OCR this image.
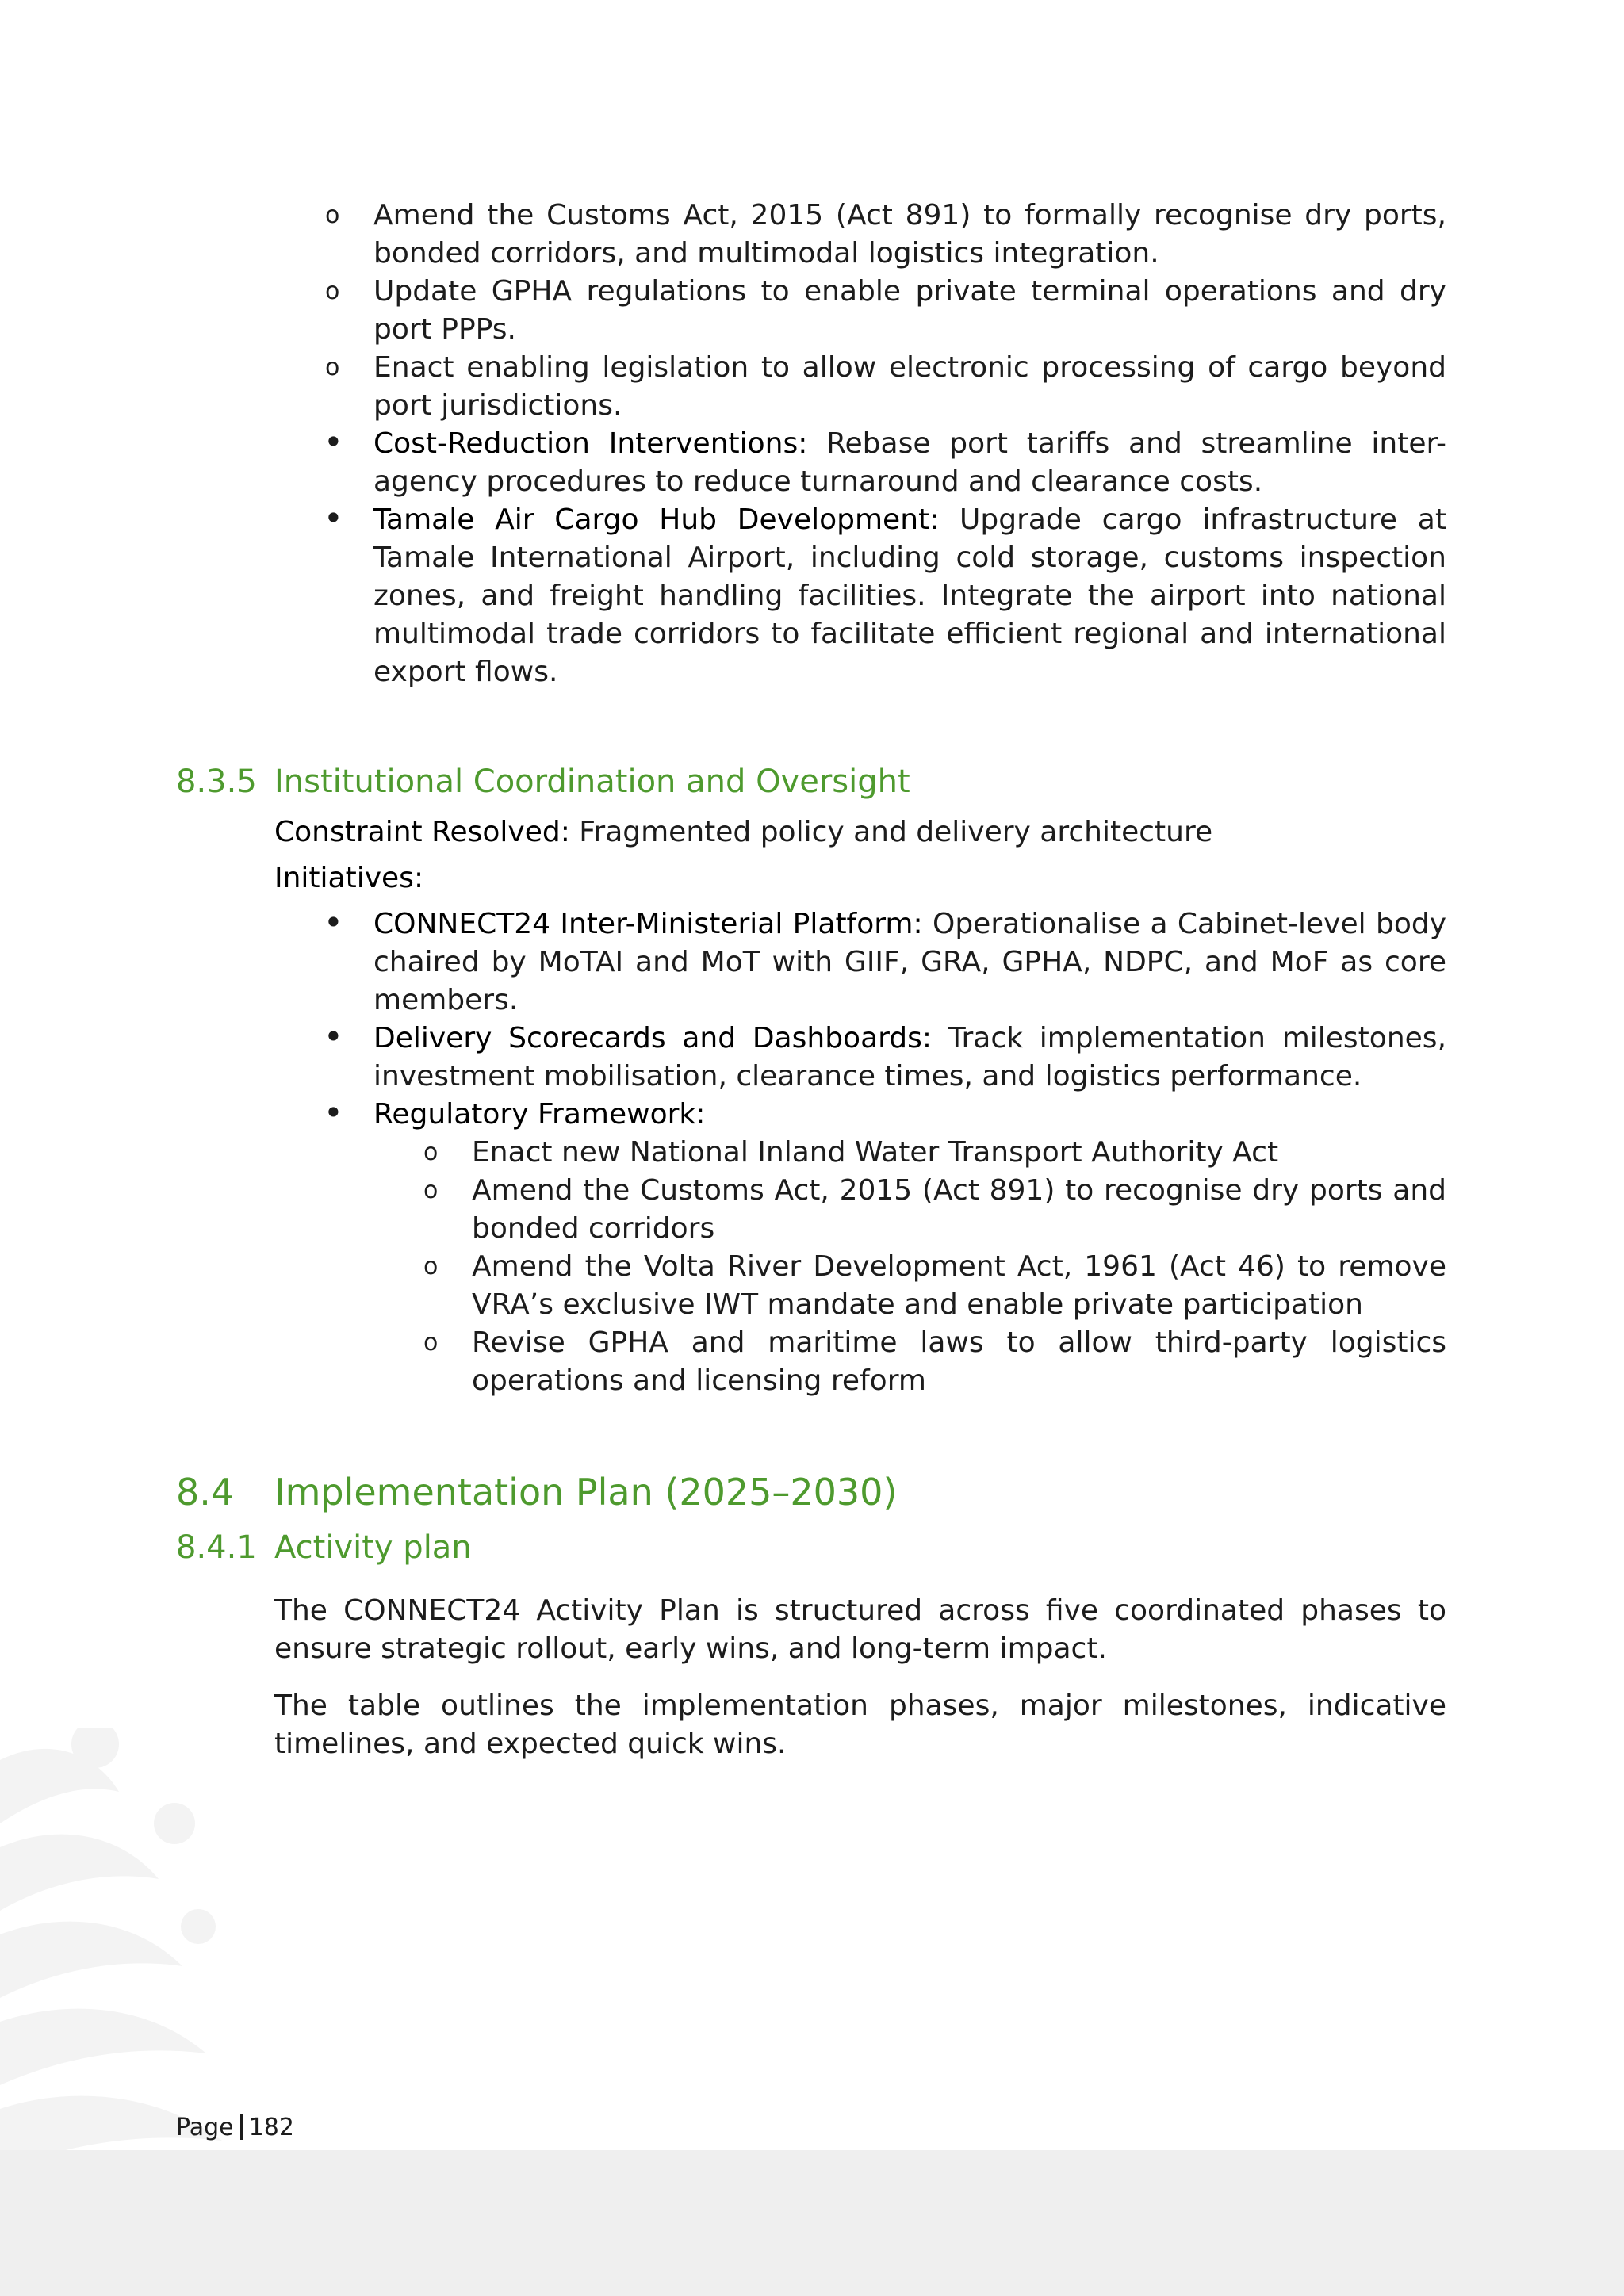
o Amend the Customs Act, 2015 (Act 891) to formally recognise dry ports, bonded corridors, and multimodal logistics integration.
o Update GPHA regulations to enable private terminal operations and dry port PPPs.
o Enact enabling legislation to allow electronic processing of cargo beyond port jurisdictions.
• Cost-Reduction Interventions: Rebase port tariffs and streamline inter-agency procedures to reduce turnaround and clearance costs.
• Tamale Air Cargo Hub Development: Upgrade cargo infrastructure at Tamale International Airport, including cold storage, customs inspection zones, and freight handling facilities. Integrate the airport into national multimodal trade corridors to facilitate efficient regional and international export flows.
8.3.5 Institutional Coordination and Oversight
Constraint Resolved: Fragmented policy and delivery architecture
Initiatives:
• CONNECT24 Inter-Ministerial Platform: Operationalise a Cabinet-level body chaired by MoTAI and MoT with GIIF, GRA, GPHA, NDPC, and MoF as core members.
• Delivery Scorecards and Dashboards: Track implementation milestones, investment mobilisation, clearance times, and logistics performance.
• Regulatory Framework:
o Enact new National Inland Water Transport Authority Act
o Amend the Customs Act, 2015 (Act 891) to recognise dry ports and bonded corridors
o Amend the Volta River Development Act, 1961 (Act 46) to remove VRA’s exclusive IWT mandate and enable private participation
o Revise GPHA and maritime laws to allow third-party logistics operations and licensing reform
8.4 Implementation Plan (2025–2030)
8.4.1 Activity plan
The CONNECT24 Activity Plan is structured across five coordinated phases to ensure strategic rollout, early wins, and long-term impact.
The table outlines the implementation phases, major milestones, indicative timelines, and expected quick wins.
Page 182
